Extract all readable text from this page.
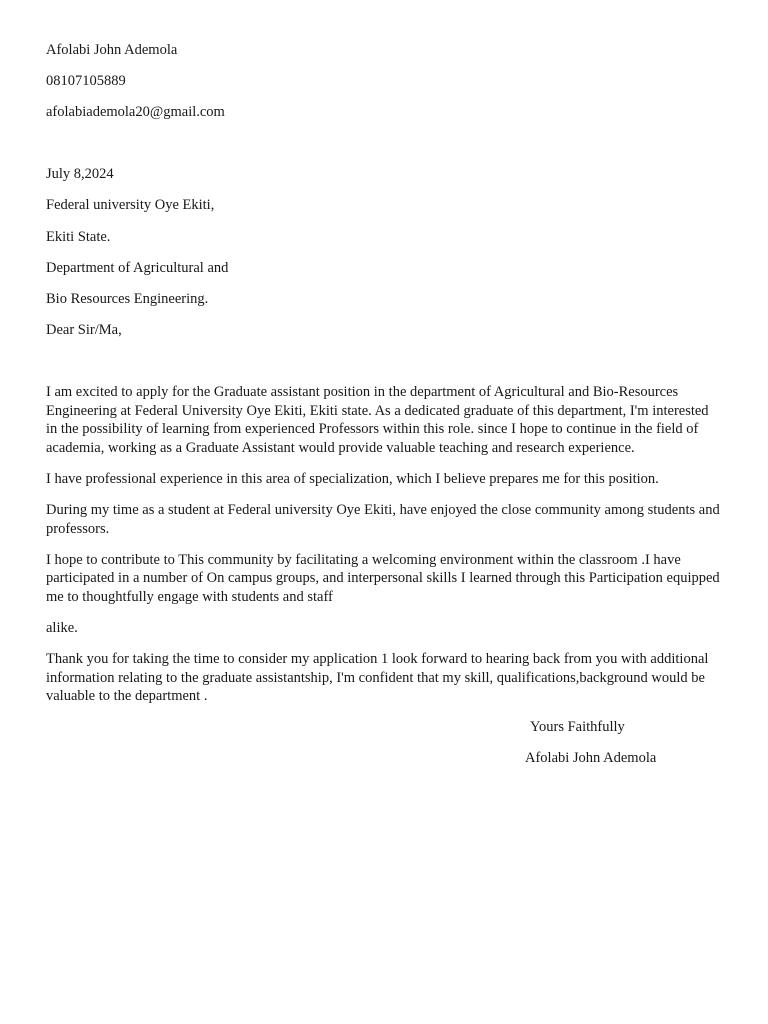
Afolabi John Ademola

08107105889

afolabiademola20@gmail.com

July 8,2024

Federal university Oye Ekiti,

Ekiti State.

Department of Agricultural and

Bio Resources Engineering.

Dear Sir/Ma,

I am excited to apply for the Graduate assistant position in the department of Agricultural and Bio-Resources Engineering at Federal University Oye Ekiti, Ekiti state. As a dedicated graduate of this department, I'm interested in the possibility of learning from experienced Professors within this role. since I hope to continue in the field of academia, working as a Graduate Assistant would provide valuable teaching and research experience.

I have professional experience in this area of specialization, which I believe prepares me for this position.

During my time as a student at Federal university Oye Ekiti, have enjoyed the close community among students and professors.

I hope to contribute to This community by facilitating a welcoming environment within the classroom .I have participated in a number of On campus groups, and interpersonal skills I learned through this Participation equipped me to thoughtfully engage with students and staff

alike.

Thank you for taking the time to consider my application 1 look forward to hearing back from you with additional information relating to the graduate assistantship, I'm confident that my skill, qualifications,background would be valuable to the department .

Yours Faithfully

Afolabi John Ademola
